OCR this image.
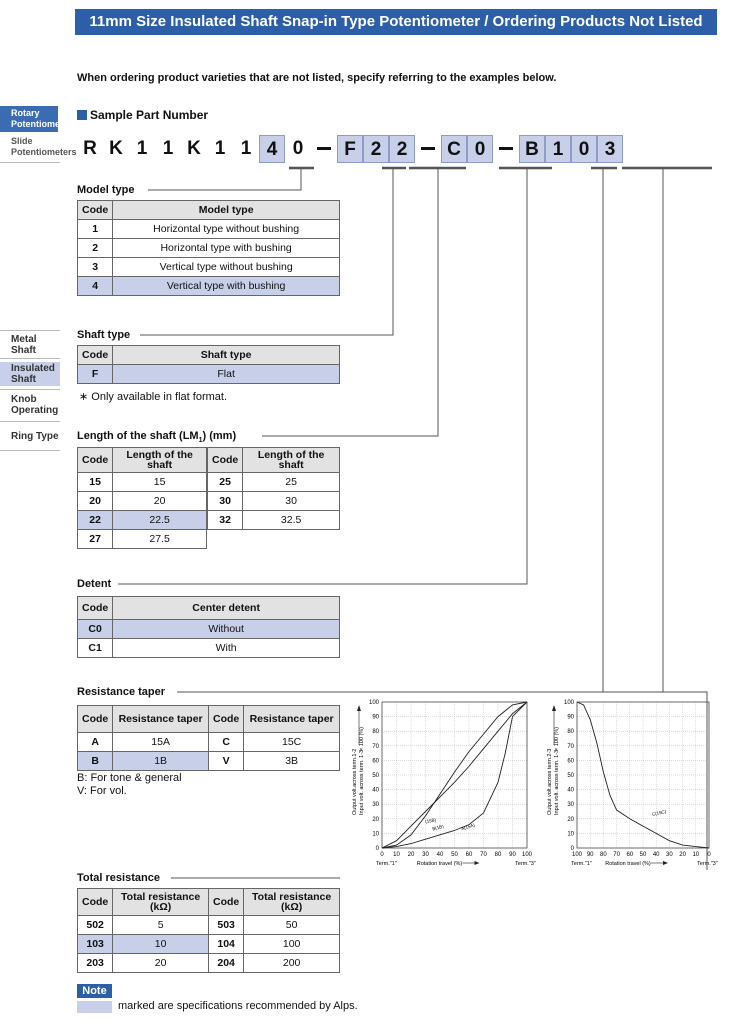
11mm Size Insulated Shaft Snap-in Type Potentiometer / Ordering Products Not Listed
When ordering product varieties that are not listed, specify referring to the examples below.
Rotary Potentiometers
Slide Potentiometers
Metal Shaft
Insulated Shaft
Knob Operating
Ring Type
Sample Part Number
R K 1 1 K 1 1 4 0	F 2 2	C 0	B 1 0 3
Model type
Code	Model type
1	Horizontal type without bushing
2	Horizontal type with bushing
3	Vertical type without bushing
4	Vertical type with bushing
Shaft type
Code	Shaft type
F	Flat
∗ Only available in flat format.
Length of the shaft $(LM_1)$ (mm)
Code	Length of the shaft
15	15
20	20
22	22.5
27	27.5
Code	Length of the shaft
25	25
30	30
32	32.5
Detent
Code	Center detent
C0	Without
C1	With
Resistance taper
Code	Resistance taper	Code	Resistance taper
A	15A	C	15C
B	1B	V	3B
B: For tone & general
V: For vol.
0
10
20
30
40
50
60
70
80
90
100
0 10 20 30 40 50 60 70 80 90 100
Output volt.across term.1-2 Input volt. across term. 1-3
× 100 (%)
Term."1"	Term."3"
Rotation travel (%)
B(1B)
(15B)
A(15A)
0
10
20
30
40
50
60
70
80
90
100
100 90 80 70 60 50 40 30 20 10 0
Output volt.across term.2-3 Input volt. across term. 1-3
× 100 (%)
Term."1"	Term."3"
Rotation travel (%)
C(15C)
Total resistance
Code	Total resistance (kΩ)	Code	Total resistance (kΩ)
502	5	503	50
103	10	104	100
203	20	204	200
Note
marked are specifications recommended by Alps.
